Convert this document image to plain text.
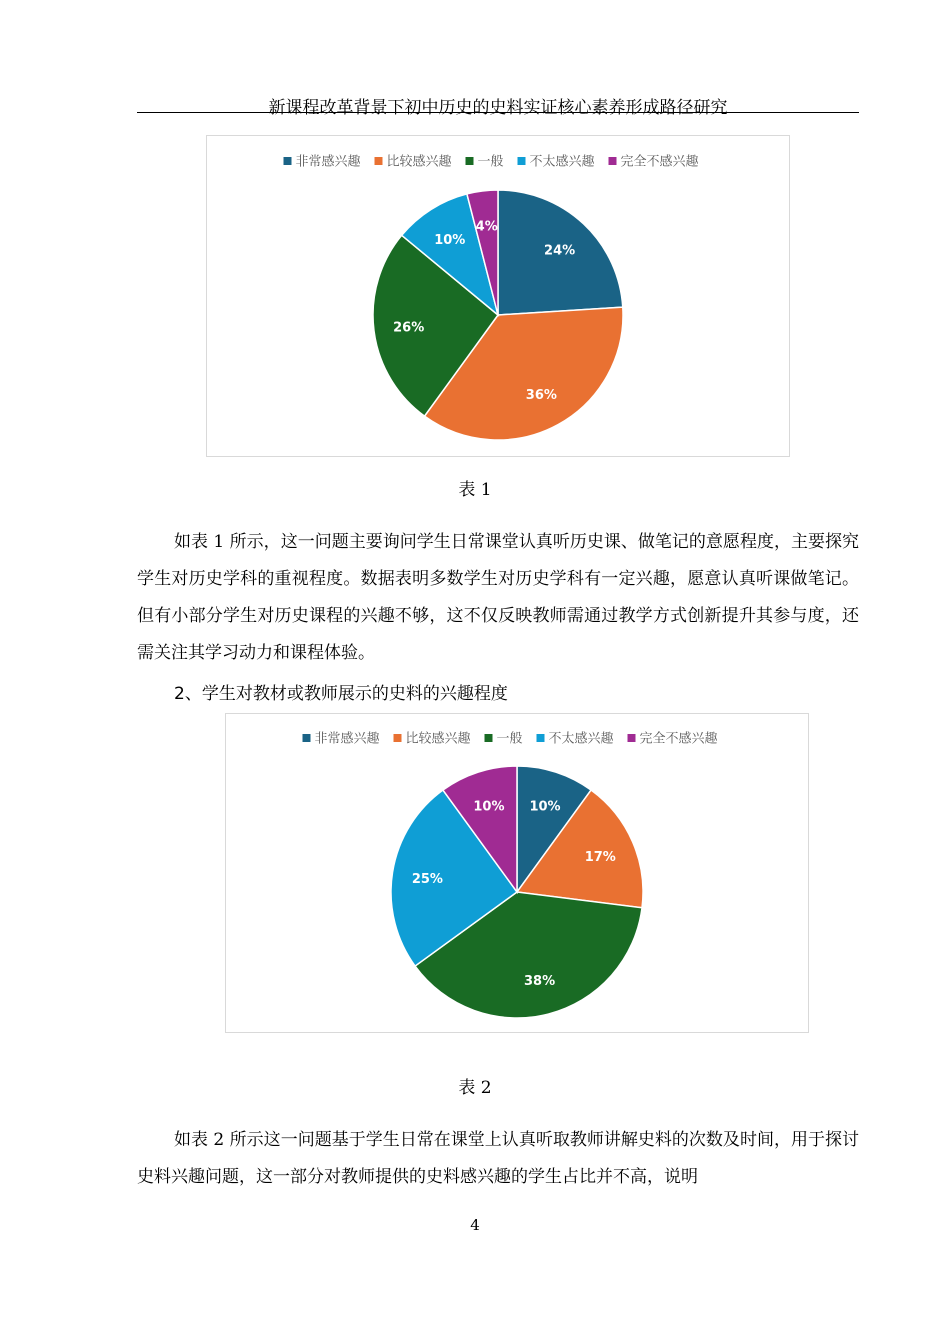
新课程改革背景下初中历史的史料实证核心素养形成路径研究
非常感兴趣 比较感兴趣 一般 不太感兴趣 完全不感兴趣
24%
36%
26%
10%
4%
表 1

如表 1 所示，这一问题主要询问学生日常课堂认真听历史课、做笔记的意愿程度，主要探究学生对历史学科的重视程度。数据表明多数学生对历史学科有一定兴趣，愿意认真听课做笔记。但有小部分学生对历史课程的兴趣不够，这不仅反映教师需通过教学方式创新提升其参与度，还需关注其学习动力和课程体验。

2、学生对教材或教师展示的史料的兴趣程度
非常感兴趣 比较感兴趣 一般 不太感兴趣 完全不感兴趣
10%
17%
38%
25%
10%
表 2

如表 2 所示这一问题基于学生日常在课堂上认真听取教师讲解史料的次数及时间，用于探讨史料兴趣问题，这一部分对教师提供的史料感兴趣的学生占比并不高，说明

4
